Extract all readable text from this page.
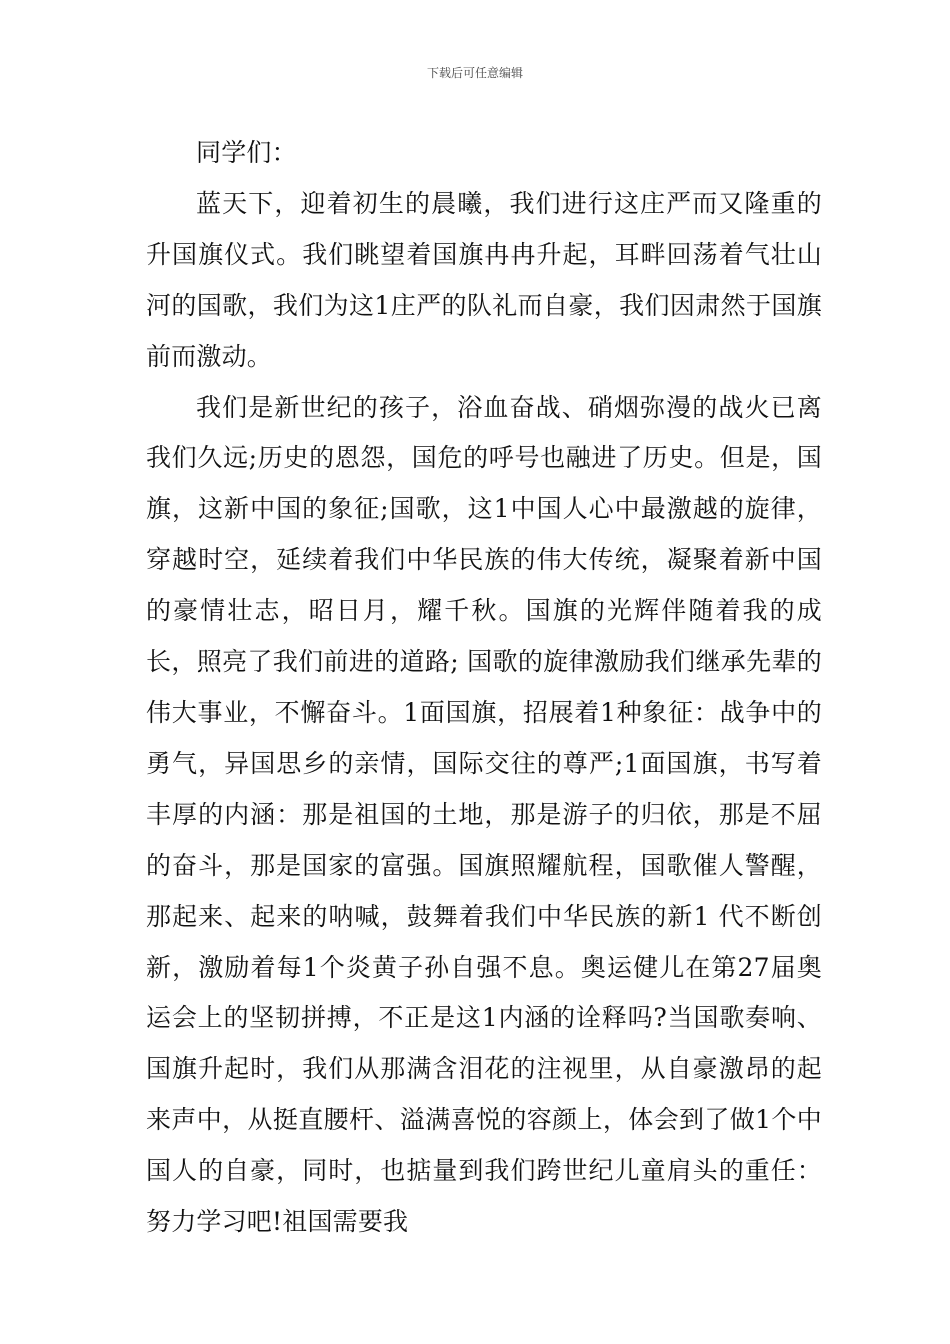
下载后可任意编辑

同学们：

蓝天下，迎着初生的晨曦，我们进行这庄严而又隆重的升国旗仪式。我们眺望着国旗冉冉升起，耳畔回荡着气壮山河的国歌，我们为这1庄严的队礼而自豪，我们因肃然于国旗前而激动。

我们是新世纪的孩子，浴血奋战、硝烟弥漫的战火已离我们久远;历史的恩怨，国危的呼号也融进了历史。但是，国旗，这新中国的象征;国歌，这1中国人心中最激越的旋律，穿越时空，延续着我们中华民族的伟大传统，凝聚着新中国的豪情壮志，昭日月，耀千秋。国旗的光辉伴随着我的成长，照亮了我们前进的道路; 国歌的旋律激励我们继承先辈的伟大事业，不懈奋斗。1面国旗，招展着1种象征：战争中的勇气，异国思乡的亲情，国际交往的尊严;1面国旗，书写着丰厚的内涵：那是祖国的土地，那是游子的归依，那是不屈的奋斗，那是国家的富强。国旗照耀航程，国歌催人警醒，那起来、起来的呐喊，鼓舞着我们中华民族的新1 代不断创新，激励着每1个炎黄子孙自强不息。奥运健儿在第27届奥运会上的坚韧拼搏，不正是这1内涵的诠释吗?当国歌奏响、国旗升起时，我们从那满含泪花的注视里，从自豪激昂的起来声中，从挺直腰杆、溢满喜悦的容颜上，体会到了做1个中国人的自豪，同时，也掂量到我们跨世纪儿童肩头的重任：努力学习吧!祖国需要我
